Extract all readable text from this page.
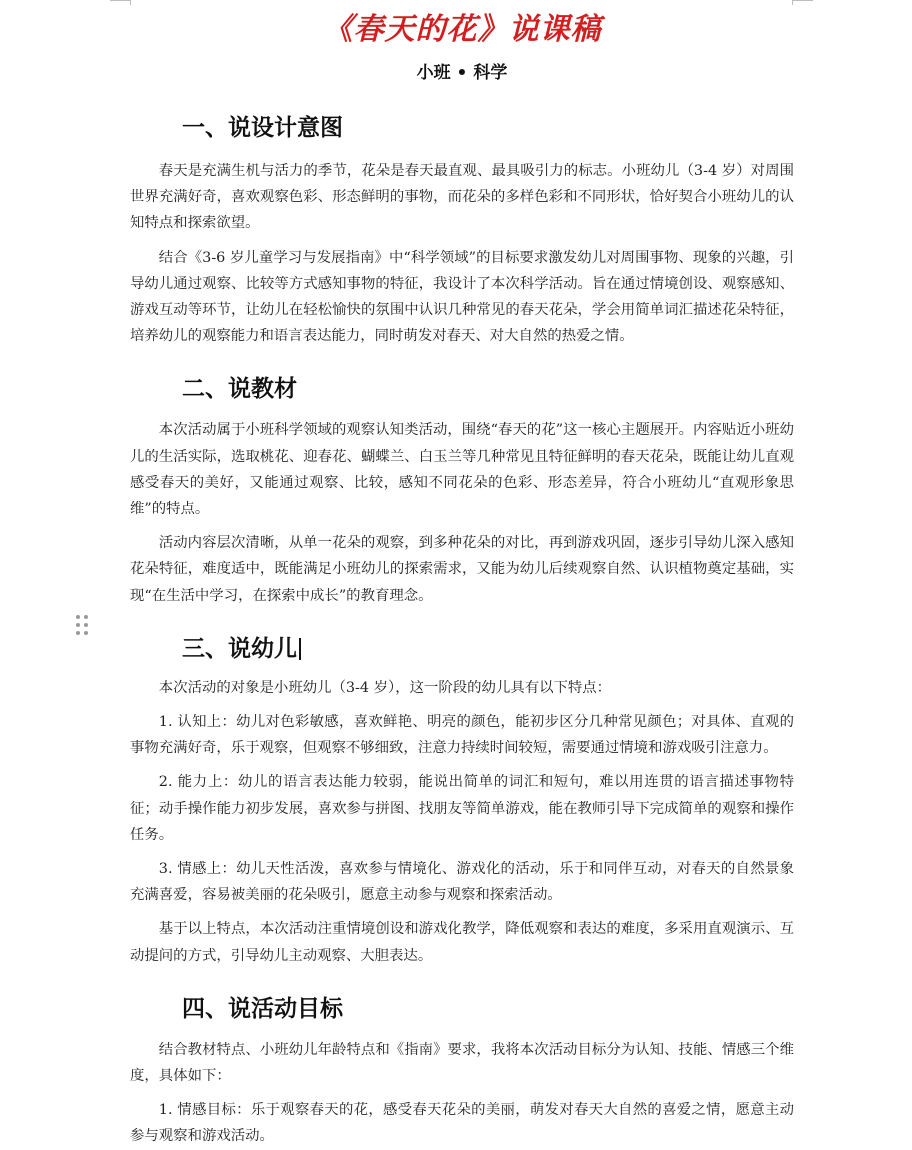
《春天的花》说课稿
小班 • 科学
一、说设计意图

春天是充满生机与活力的季节，花朵是春天最直观、最具吸引力的标志。小班幼儿（3-4 岁）对周围世界充满好奇，喜欢观察色彩、形态鲜明的事物，而花朵的多样色彩和不同形状，恰好契合小班幼儿的认知特点和探索欲望。

结合《3-6 岁儿童学习与发展指南》中“科学领域”的目标要求激发幼儿对周围事物、现象的兴趣，引导幼儿通过观察、比较等方式感知事物的特征，我设计了本次科学活动。旨在通过情境创设、观察感知、游戏互动等环节，让幼儿在轻松愉快的氛围中认识几种常见的春天花朵，学会用简单词汇描述花朵特征，培养幼儿的观察能力和语言表达能力，同时萌发对春天、对大自然的热爱之情。

二、说教材

本次活动属于小班科学领域的观察认知类活动，围绕“春天的花”这一核心主题展开。内容贴近小班幼儿的生活实际，选取桃花、迎春花、蝴蝶兰、白玉兰等几种常见且特征鲜明的春天花朵，既能让幼儿直观感受春天的美好，又能通过观察、比较，感知不同花朵的色彩、形态差异，符合小班幼儿“直观形象思维”的特点。

活动内容层次清晰，从单一花朵的观察，到多种花朵的对比，再到游戏巩固，逐步引导幼儿深入感知花朵特征，难度适中，既能满足小班幼儿的探索需求，又能为幼儿后续观察自然、认识植物奠定基础，实现“在生活中学习，在探索中成长”的教育理念。

三、说幼儿

本次活动的对象是小班幼儿（3-4 岁），这一阶段的幼儿具有以下特点：

1. 认知上：幼儿对色彩敏感，喜欢鲜艳、明亮的颜色，能初步区分几种常见颜色；对具体、直观的事物充满好奇，乐于观察，但观察不够细致，注意力持续时间较短，需要通过情境和游戏吸引注意力。

2. 能力上：幼儿的语言表达能力较弱，能说出简单的词汇和短句，难以用连贯的语言描述事物特征；动手操作能力初步发展，喜欢参与拼图、找朋友等简单游戏，能在教师引导下完成简单的观察和操作任务。

3. 情感上：幼儿天性活泼，喜欢参与情境化、游戏化的活动，乐于和同伴互动，对春天的自然景象充满喜爱，容易被美丽的花朵吸引，愿意主动参与观察和探索活动。

基于以上特点，本次活动注重情境创设和游戏化教学，降低观察和表达的难度，多采用直观演示、互动提问的方式，引导幼儿主动观察、大胆表达。

四、说活动目标

结合教材特点、小班幼儿年龄特点和《指南》要求，我将本次活动目标分为认知、技能、情感三个维度，具体如下：

1. 情感目标：乐于观察春天的花，感受春天花朵的美丽，萌发对春天大自然的喜爱之情，愿意主动参与观察和游戏活动。
